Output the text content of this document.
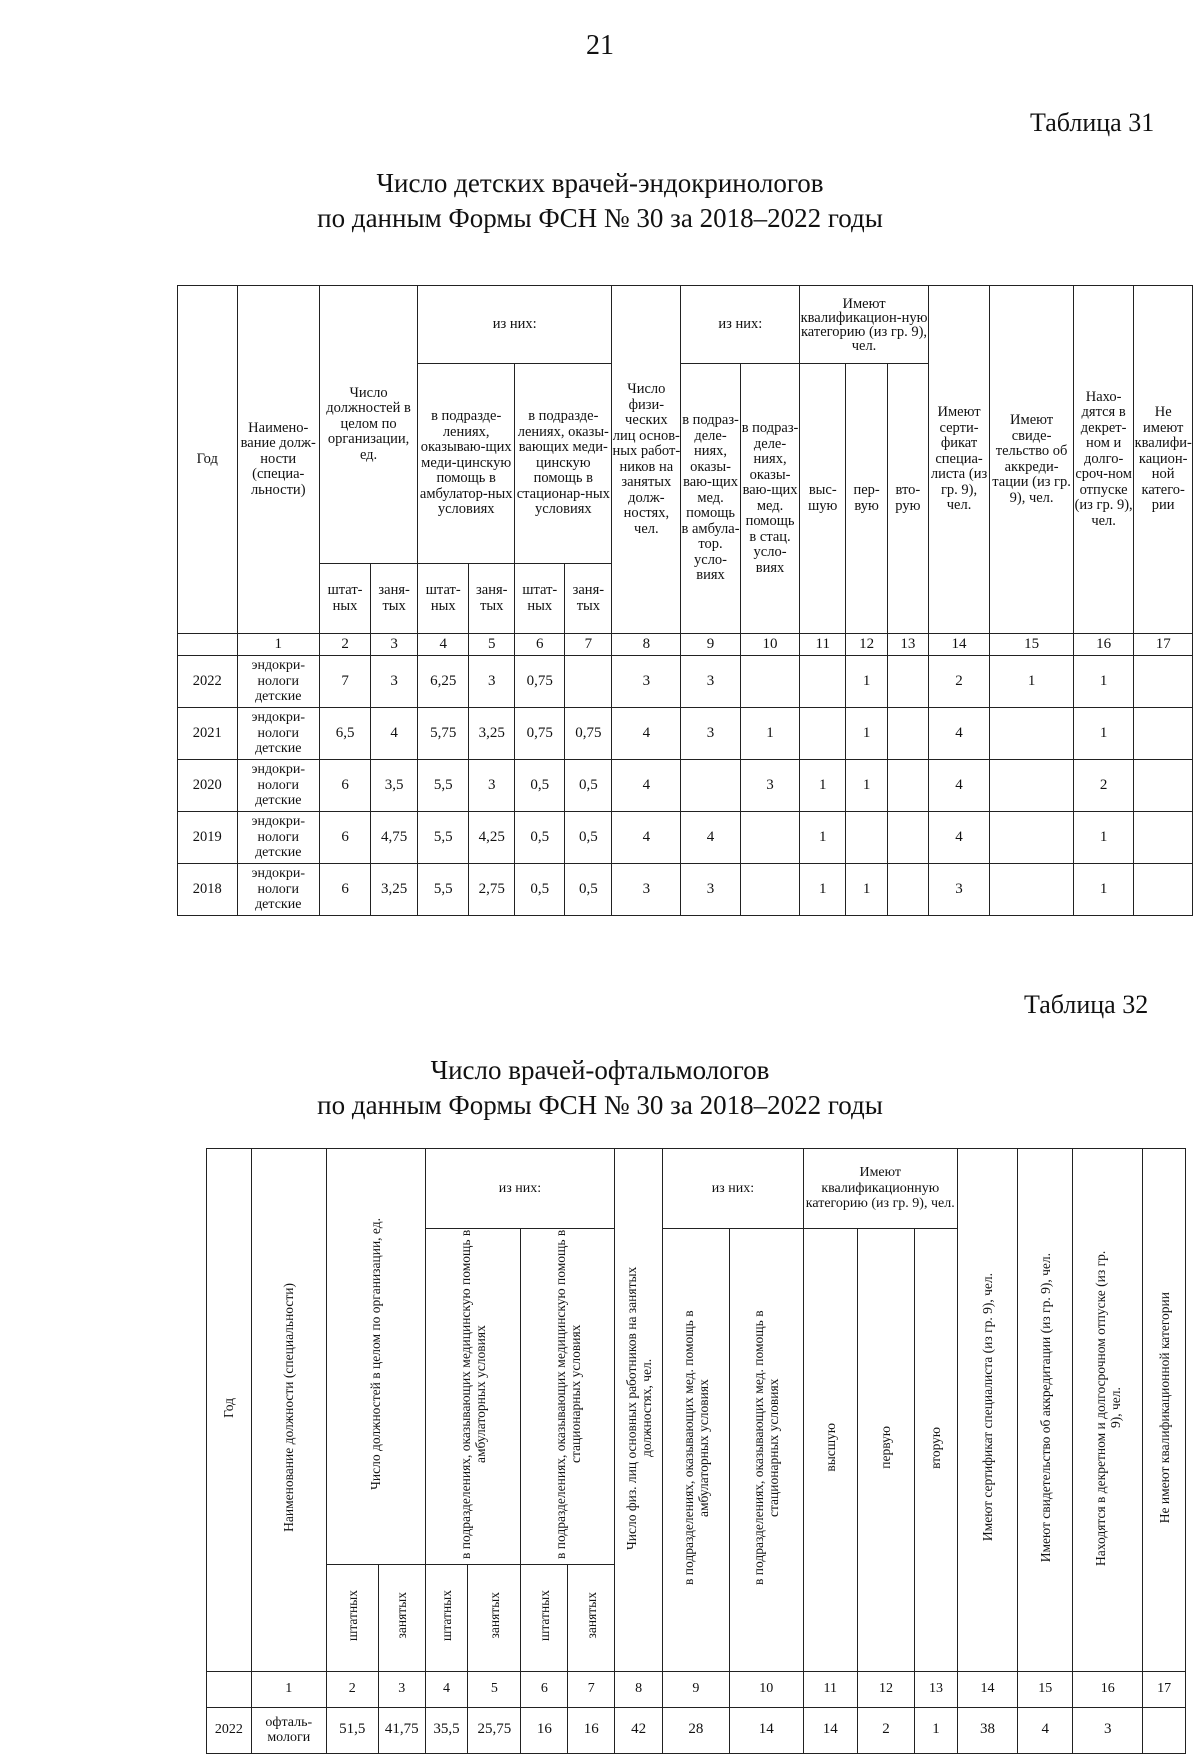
21
Таблица 31
Число детских врачей-эндокринологов
по данным Формы ФСН № 30 за 2018–2022 годы
Год	Наимено-вание долж-ности (специа-льности)	Число должностей в целом по организации, ед.		из них:				Число физи-ческих лиц основ-ных работ-ников на занятых долж-ностях, чел.	из них:		Имеют квалификацион-ную категорию (из гр. 9), чел.			Имеют серти-фикат специа-листа (из гр. 9), чел.	Имеют свиде-тельство об аккреди-тации (из гр. 9), чел.	Нахо-дятся в декрет-ном и долго-сроч-ном отпуске (из гр. 9), чел.	Не имеют квалифи-кацион-ной катего-рии
				в подразде-лениях, оказываю-щих меди-цинскую помощь в амбулатор-ных условиях		в подразде-лениях, оказы-вающих меди-цинскую помощь в стационар-ных условиях			в подраз-деле-ниях, оказы-ваю-щих мед. помощь в амбула-тор. усло-виях	в подраз-деле-ниях, оказы-ваю-щих мед. помощь в стац. усло-виях	выс-шую	пер-вую	вто-рую				
		штат-ных	заня-тых	штат-ных	заня-тых	штат-ных	заня-тых										
	1	2	3	4	5	6	7	8	9	10	11	12	13	14	15	16	17
2022	эндокри-нологи детские	7	3	6,25	3	0,75		3	3			1		2	1	1	
2021	эндокри-нологи детские	6,5	4	5,75	3,25	0,75	0,75	4	3	1		1		4		1	
2020	эндокри-нологи детские	6	3,5	5,5	3	0,5	0,5	4		3	1	1		4		2	
2019	эндокри-нологи детские	6	4,75	5,5	4,25	0,5	0,5	4	4		1			4		1	
2018	эндокри-нологи детские	6	3,25	5,5	2,75	0,5	0,5	3	3		1	1		3		1	
Таблица 32
Число врачей-офтальмологов
по данным Формы ФСН № 30 за 2018–2022 годы
Год	Наименование должности (специальности)	Число должностей в целом по организации, ед.		из них:				Число физ. лиц основных работников на занятых должностях, чел.	из них:		Имеют квалификационную категорию (из гр. 9), чел.			Имеют сертификат специалиста (из гр. 9), чел.	Имеют свидетельство об аккредитации (из гр. 9), чел.	Находятся в декретном и долгосрочном отпуске (из гр. 9), чел.	Не имеют квалификационной категории
				в подразделениях, оказывающих медицинскую помощь в амбулаторных условиях		в подразделениях, оказывающих медицинскую помощь в стационарных условиях			в подразделениях, оказывающих мед. помощь в амбулаторных условиях	в подразделениях, оказывающих мед. помощь в стационарных условиях	высшую	первую	вторую				
		штатных	занятых	штатных	занятых	штатных	занятых										
	1	2	3	4	5	6	7	8	9	10	11	12	13	14	15	16	17
2022	офталь-мологи	51,5	41,75	35,5	25,75	16	16	42	28	14	14	2	1	38	4	3	
